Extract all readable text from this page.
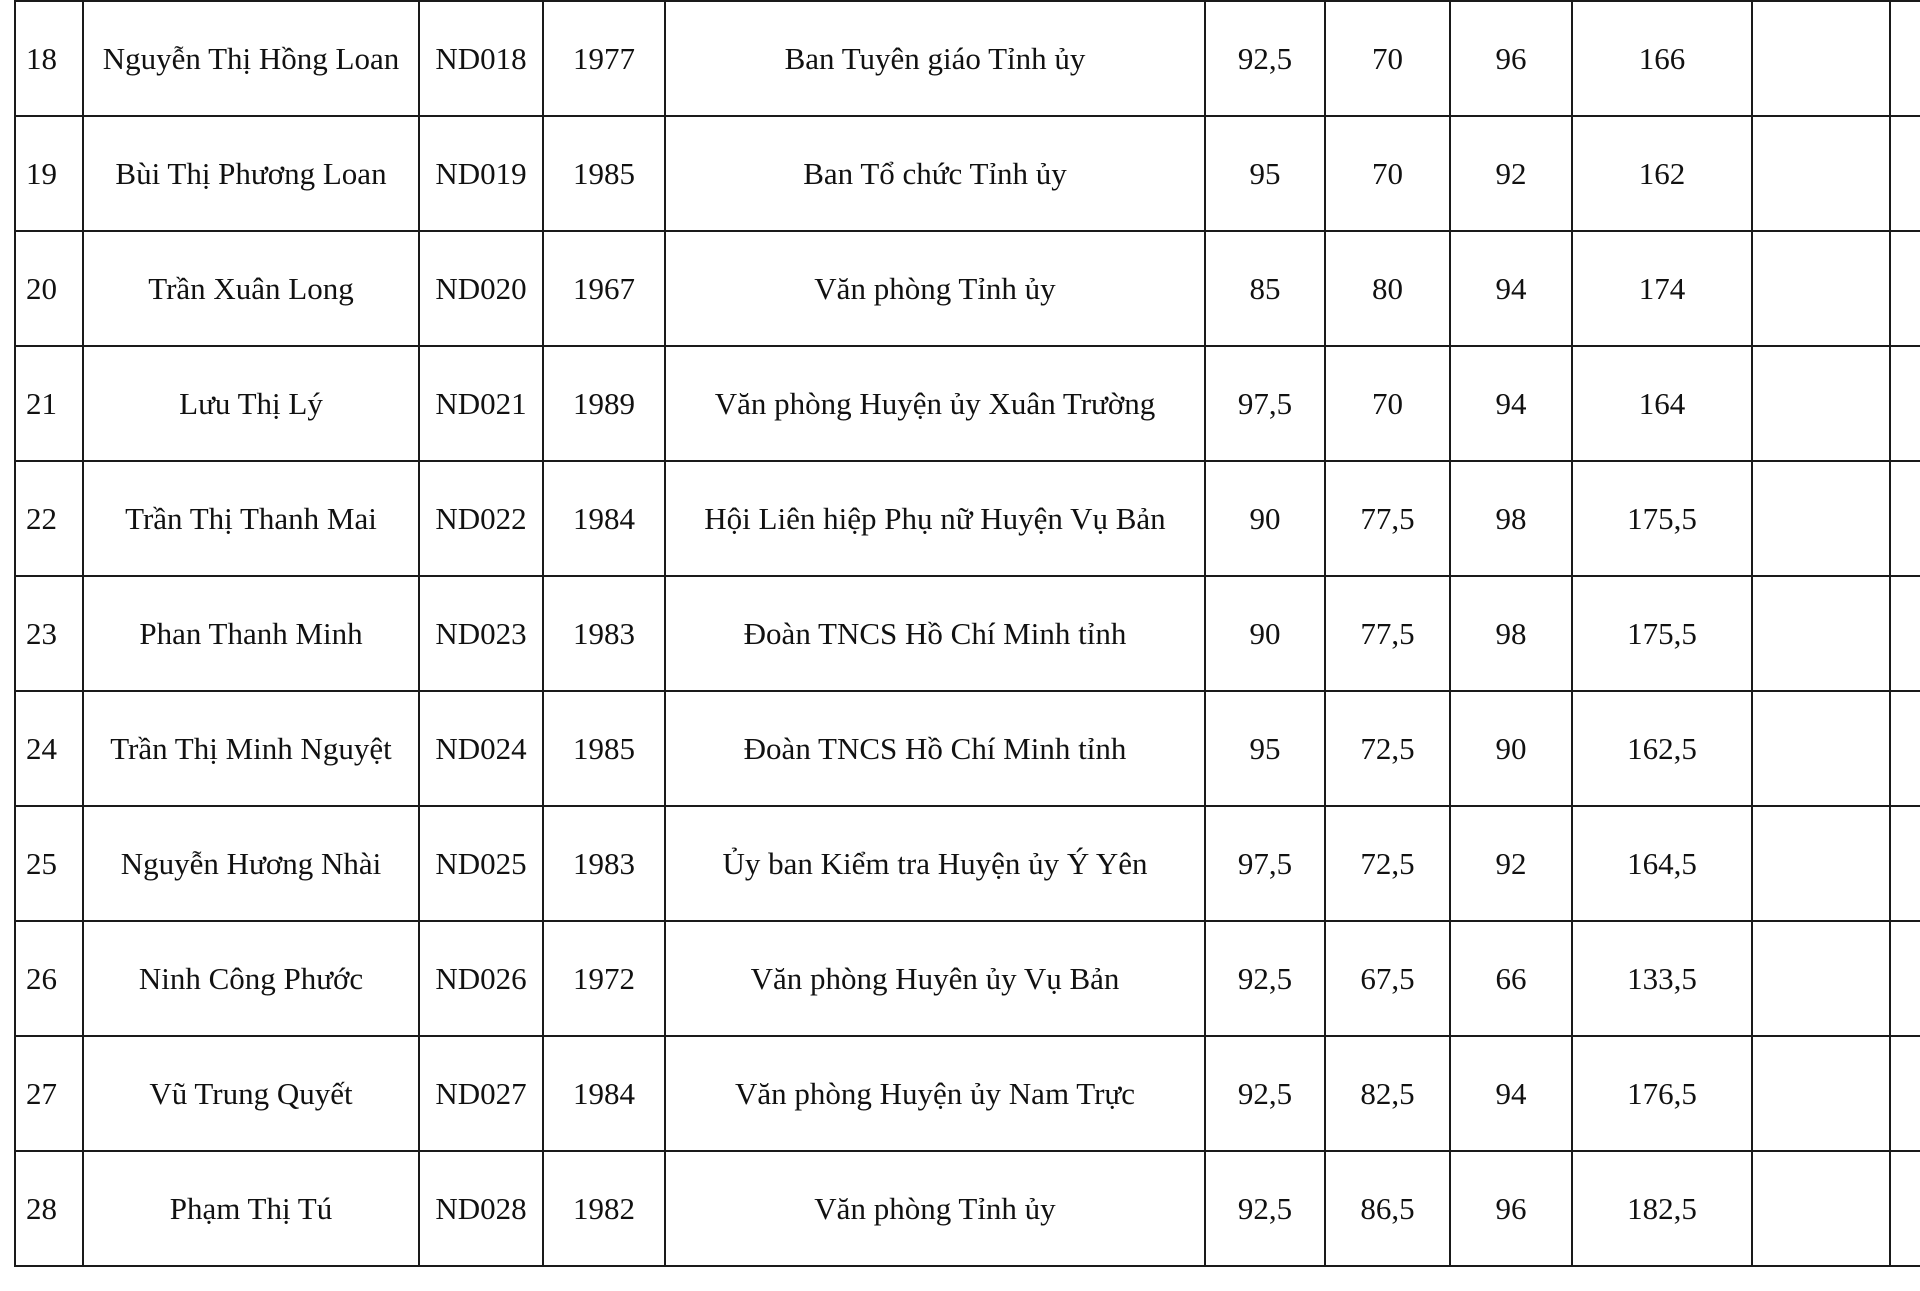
18	Nguyễn Thị Hồng Loan	ND018	1977	Ban Tuyên giáo Tỉnh ủy	92,5	70	96	166		
19	Bùi Thị Phương Loan	ND019	1985	Ban Tổ chức Tỉnh ủy	95	70	92	162		
20	Trần Xuân Long	ND020	1967	Văn phòng Tỉnh ủy	85	80	94	174		
21	Lưu Thị Lý	ND021	1989	Văn phòng Huyện ủy Xuân Trường	97,5	70	94	164		
22	Trần Thị Thanh Mai	ND022	1984	Hội Liên hiệp Phụ nữ Huyện Vụ Bản	90	77,5	98	175,5		
23	Phan Thanh Minh	ND023	1983	Đoàn TNCS Hồ Chí Minh tỉnh	90	77,5	98	175,5		
24	Trần Thị Minh Nguyệt	ND024	1985	Đoàn TNCS Hồ Chí Minh tỉnh	95	72,5	90	162,5		
25	Nguyễn Hương Nhài	ND025	1983	Ủy ban Kiểm tra Huyện ủy Ý Yên	97,5	72,5	92	164,5		
26	Ninh Công Phước	ND026	1972	Văn phòng Huyên ủy Vụ Bản	92,5	67,5	66	133,5		
27	Vũ Trung Quyết	ND027	1984	Văn phòng Huyện ủy Nam Trực	92,5	82,5	94	176,5		
28	Phạm Thị Tú	ND028	1982	Văn phòng Tỉnh ủy	92,5	86,5	96	182,5		
